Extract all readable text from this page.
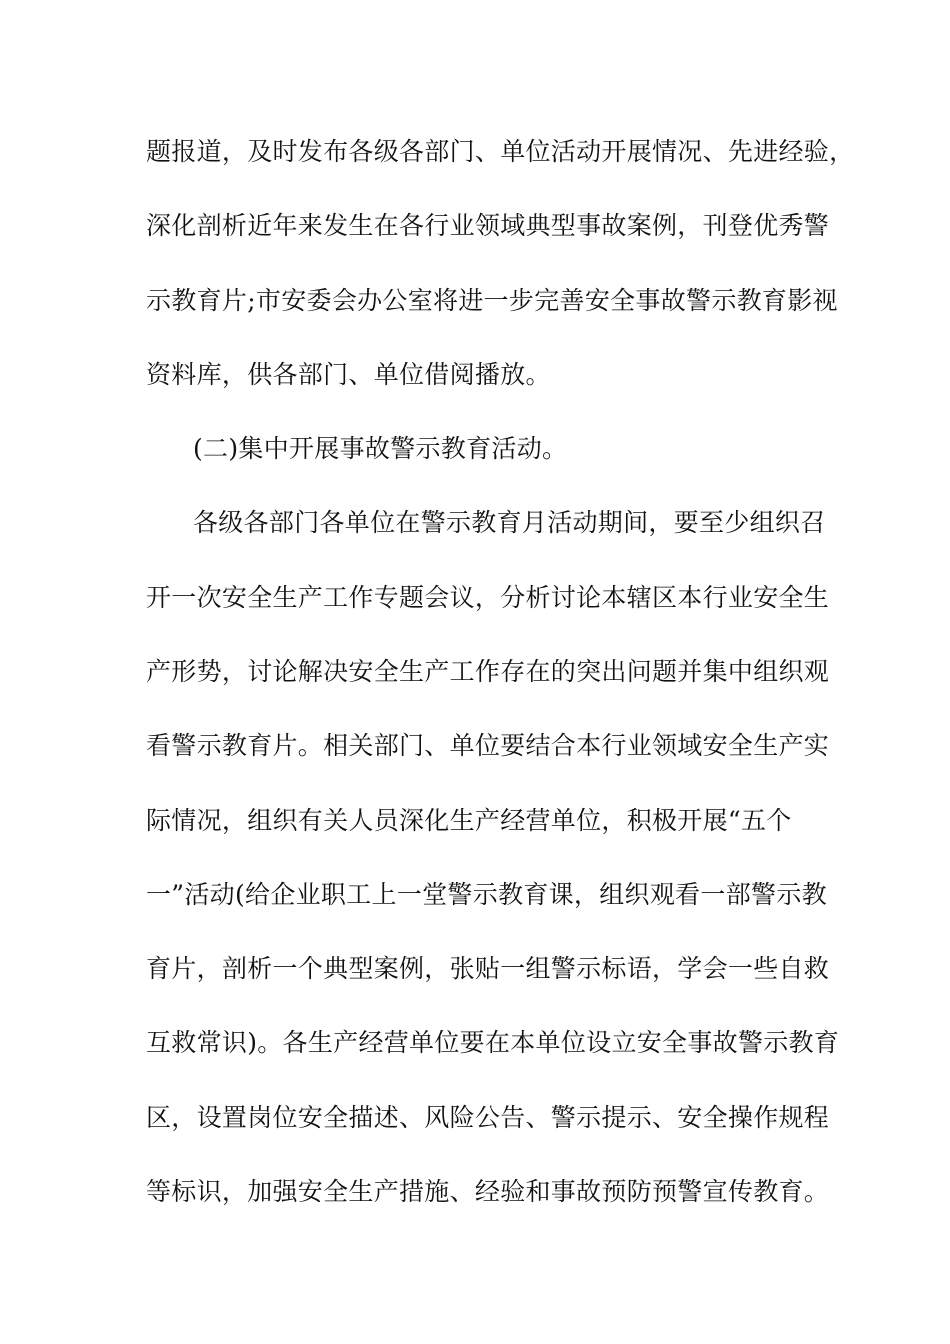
题报道，及时发布各级各部门、单位活动开展情况、先进经验，
深化剖析近年来发生在各行业领域典型事故案例，刊登优秀警
示教育片;市安委会办公室将进一步完善安全事故警示教育影视
资料库，供各部门、单位借阅播放。
(二)集中开展事故警示教育活动。
各级各部门各单位在警示教育月活动期间，要至少组织召
开一次安全生产工作专题会议，分析讨论本辖区本行业安全生
产形势，讨论解决安全生产工作存在的突出问题并集中组织观
看警示教育片。相关部门、单位要结合本行业领域安全生产实
际情况，组织有关人员深化生产经营单位，积极开展“五个
一”活动(给企业职工上一堂警示教育课，组织观看一部警示教
育片，剖析一个典型案例，张贴一组警示标语，学会一些自救
互救常识)。各生产经营单位要在本单位设立安全事故警示教育
区，设置岗位安全描述、风险公告、警示提示、安全操作规程
等标识，加强安全生产措施、经验和事故预防预警宣传教育。
